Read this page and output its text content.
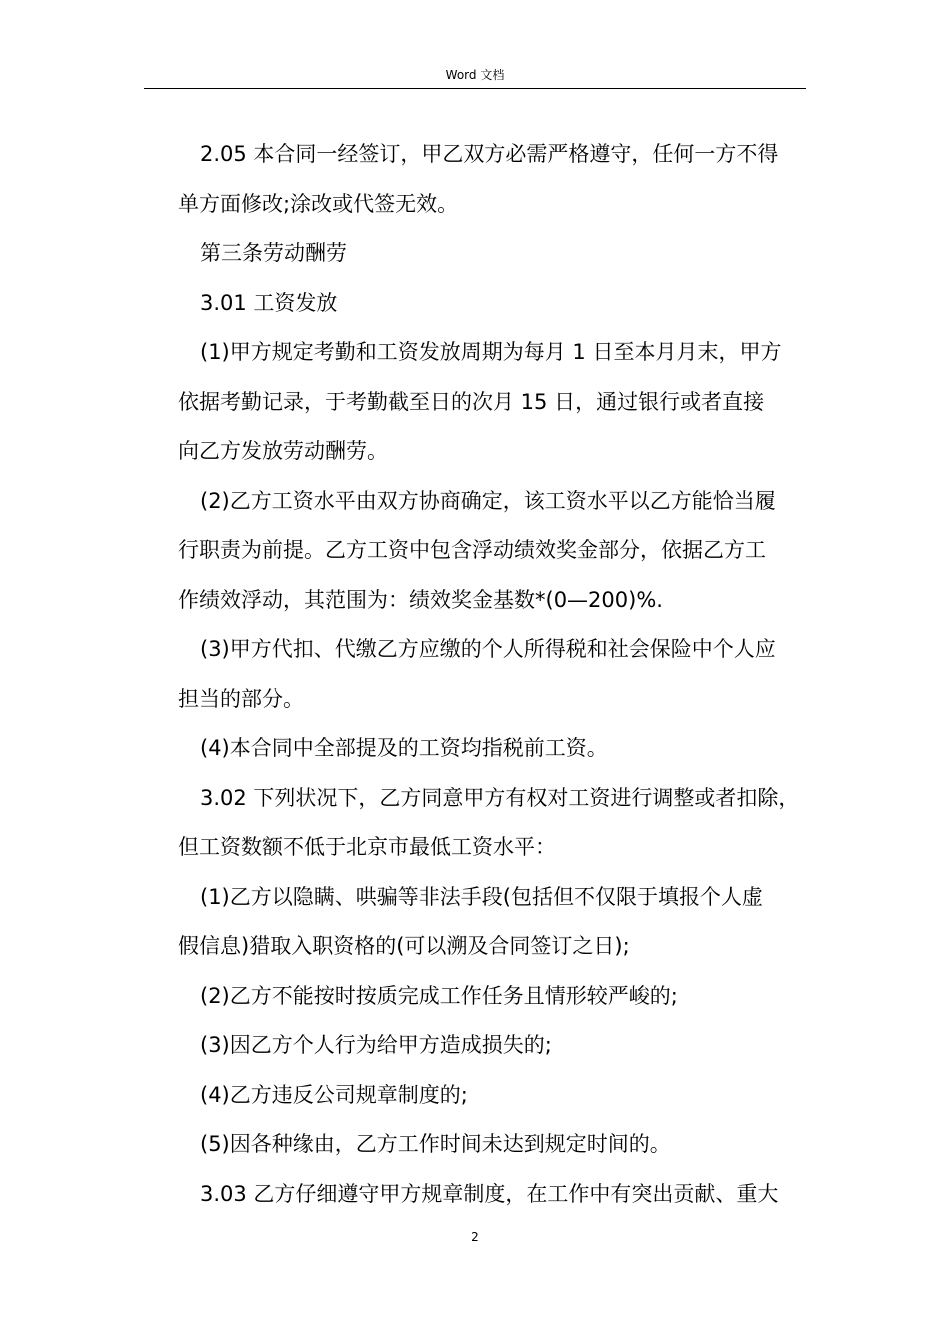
Word 文档
2.05 本合同一经签订，甲乙双方必需严格遵守，任何一方不得
单方面修改;涂改或代签无效。
第三条劳动酬劳
3.01 工资发放
(1)甲方规定考勤和工资发放周期为每月 1 日至本月月末，甲方
依据考勤记录，于考勤截至日的次月 15 日，通过银行或者直接
向乙方发放劳动酬劳。
(2)乙方工资水平由双方协商确定，该工资水平以乙方能恰当履
行职责为前提。乙方工资中包含浮动绩效奖金部分，依据乙方工
作绩效浮动，其范围为：绩效奖金基数*(0—200)%.
(3)甲方代扣、代缴乙方应缴的个人所得税和社会保险中个人应
担当的部分。
(4)本合同中全部提及的工资均指税前工资。
3.02 下列状况下，乙方同意甲方有权对工资进行调整或者扣除，
但工资数额不低于北京市最低工资水平：
(1)乙方以隐瞒、哄骗等非法手段(包括但不仅限于填报个人虚
假信息)猎取入职资格的(可以溯及合同签订之日);
(2)乙方不能按时按质完成工作任务且情形较严峻的;
(3)因乙方个人行为给甲方造成损失的;
(4)乙方违反公司规章制度的;
(5)因各种缘由，乙方工作时间未达到规定时间的。
3.03 乙方仔细遵守甲方规章制度，在工作中有突出贡献、重大
2
